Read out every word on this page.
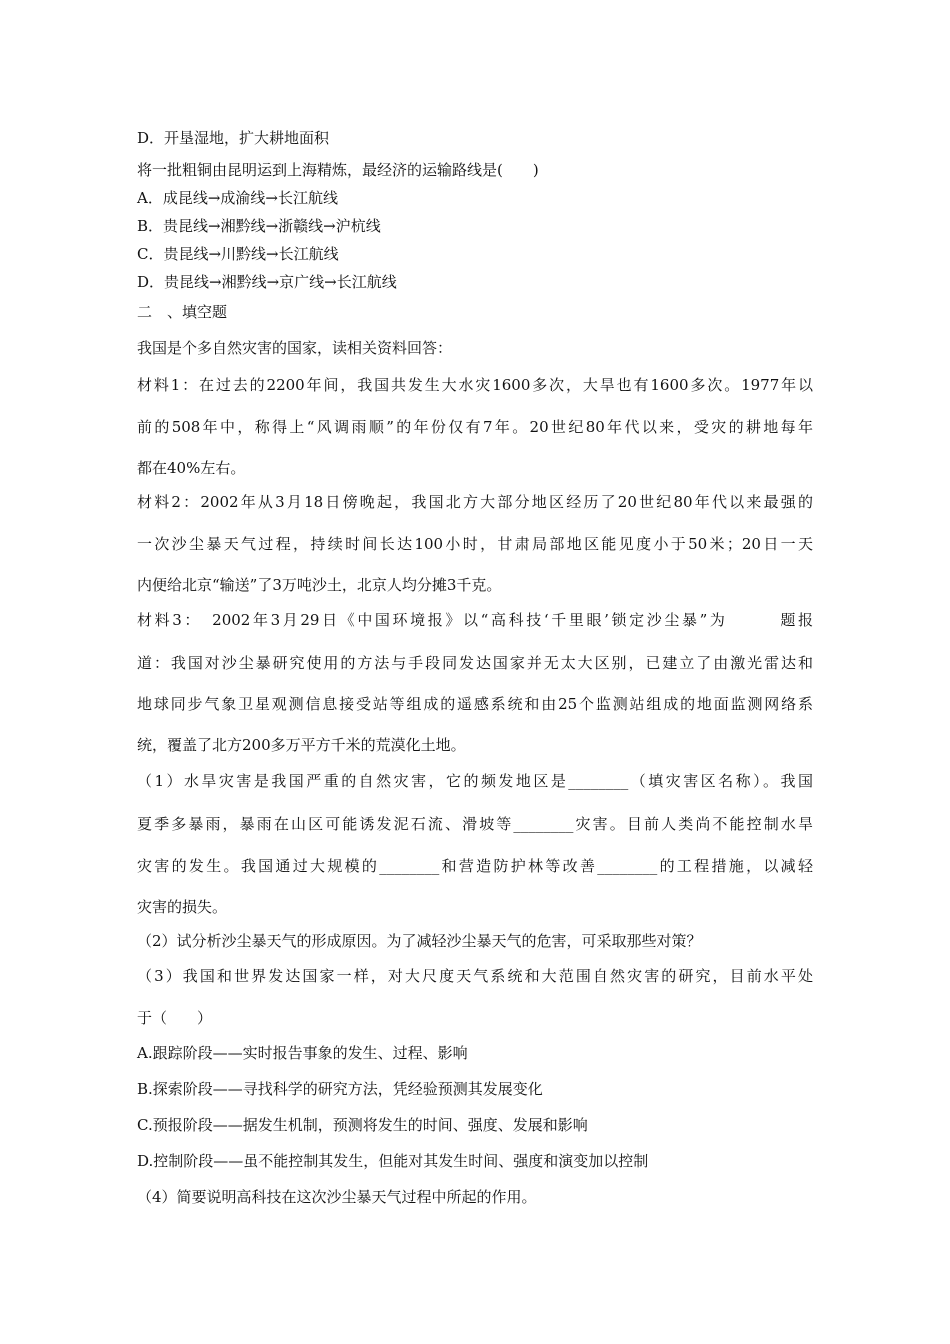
D．开垦湿地，扩大耕地面积
将一批粗铜由昆明运到上海精炼，最经济的运输路线是(　　)
A．成昆线→成渝线→长江航线
B．贵昆线→湘黔线→浙赣线→沪杭线
C．贵昆线→川黔线→长江航线
D．贵昆线→湘黔线→京广线→长江航线
二　、填空题
我国是个多自然灾害的国家，读相关资料回答：
材料1：在过去的2200年间，我国共发生大水灾1600多次，大旱也有1600多次。1977年以
前的508年中，称得上“风调雨顺”的年份仅有7年。20世纪80年代以来，受灾的耕地每年
都在40%左右。
材料2：2002年从3月18日傍晚起，我国北方大部分地区经历了20世纪80年代以来最强的
一次沙尘暴天气过程，持续时间长达100小时，甘肃局部地区能见度小于50米；20日一天
内便给北京“输送”了3万吨沙土，北京人均分摊3千克。
材料3：　2002年3月29日《中国环境报》以“高科技‘千里眼’锁定沙尘暴”为　　　题报
道：我国对沙尘暴研究使用的方法与手段同发达国家并无太大区别，已建立了由激光雷达和
地球同步气象卫星观测信息接受站等组成的遥感系统和由25个监测站组成的地面监测网络系
统，覆盖了北方200多万平方千米的荒漠化土地。
（1）水旱灾害是我国严重的自然灾害，它的频发地区是________（填灾害区名称）。我国
夏季多暴雨，暴雨在山区可能诱发泥石流、滑坡等________灾害。目前人类尚不能控制水旱
灾害的发生。我国通过大规模的________和营造防护林等改善________的工程措施，以减轻
灾害的损失。
（2）试分析沙尘暴天气的形成原因。为了减轻沙尘暴天气的危害，可采取那些对策？
（3）我国和世界发达国家一样，对大尺度天气系统和大范围自然灾害的研究，目前水平处
于（　　）
A.跟踪阶段——实时报告事象的发生、过程、影响
B.探索阶段——寻找科学的研究方法，凭经验预测其发展变化
C.预报阶段——据发生机制，预测将发生的时间、强度、发展和影响
D.控制阶段——虽不能控制其发生，但能对其发生时间、强度和演变加以控制
（4）简要说明高科技在这次沙尘暴天气过程中所起的作用。
